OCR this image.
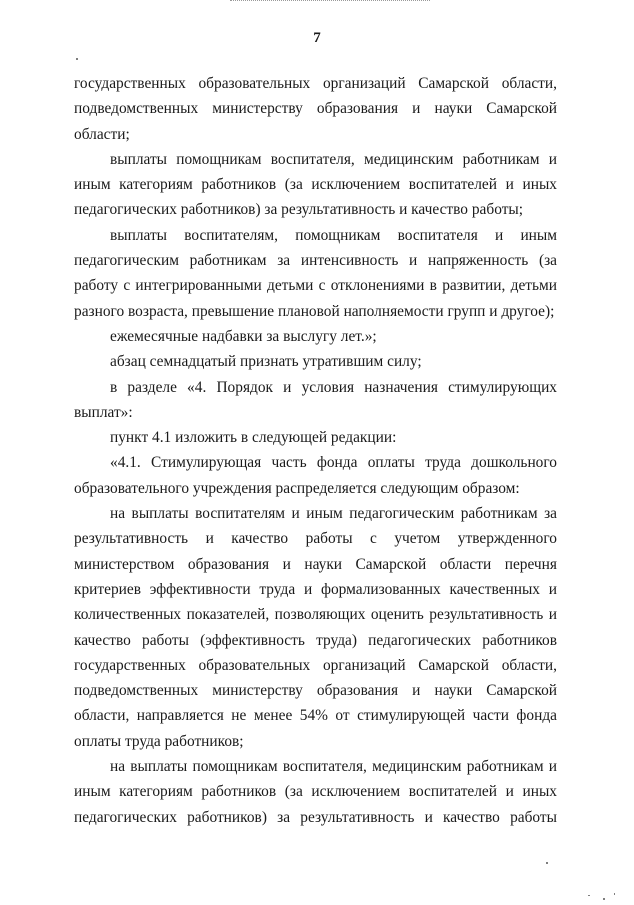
7

государственных образовательных организаций Самарской области, подведомственных министерству образования и науки Самарской области;

выплаты помощникам воспитателя, медицинским работникам и иным категориям работников (за исключением воспитателей и иных педагогических работников) за результативность и качество работы;

выплаты воспитателям, помощникам воспитателя и иным педагогическим работникам за интенсивность и напряженность (за работу с интегрированными детьми с отклонениями в развитии, детьми разного возраста, превышение плановой наполняемости групп и другое);

ежемесячные надбавки за выслугу лет.»;

абзац семнадцатый признать утратившим силу;

в разделе «4. Порядок и условия назначения стимулирующих выплат»:

пункт 4.1 изложить в следующей редакции:

«4.1. Стимулирующая часть фонда оплаты труда дошкольного образовательного учреждения распределяется следующим образом:

на выплаты воспитателям и иным педагогическим работникам за результативность и качество работы с учетом утвержденного министерством образования и науки Самарской области перечня критериев эффективности труда и формализованных качественных и количественных показателей, позволяющих оценить результативность и качество работы (эффективность труда) педагогических работников государственных образовательных организаций Самарской области, подведомственных министерству образования и науки Самарской области, направляется не менее 54% от стимулирующей части фонда оплаты труда работников;

на выплаты помощникам воспитателя, медицинским работникам и иным категориям работников (за исключением воспитателей и иных педагогических работников) за результативность и качество работы
